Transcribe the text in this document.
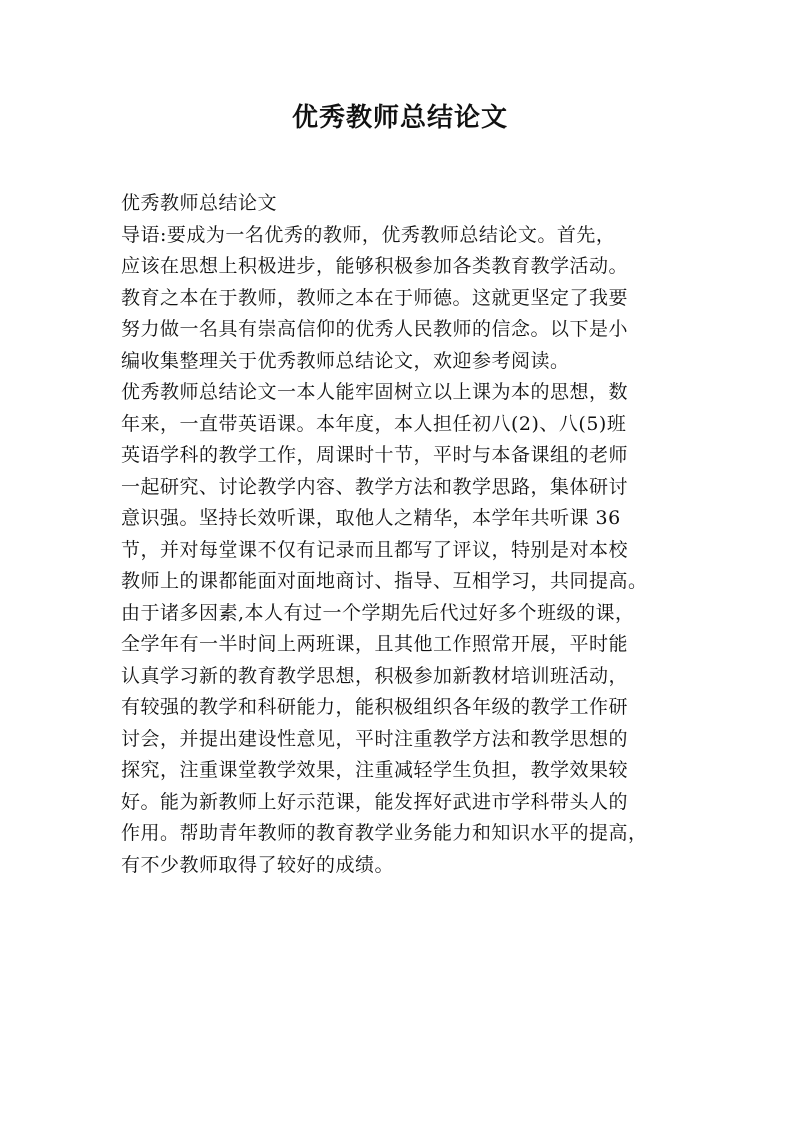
优秀教师总结论文
优秀教师总结论文
导语:要成为一名优秀的教师，优秀教师总结论文。首先，
应该在思想上积极进步，能够积极参加各类教育教学活动。
教育之本在于教师，教师之本在于师德。这就更坚定了我要
努力做一名具有崇高信仰的优秀人民教师的信念。以下是小
编收集整理关于优秀教师总结论文，欢迎参考阅读。
优秀教师总结论文一本人能牢固树立以上课为本的思想，数
年来，一直带英语课。本年度，本人担任初八(2)、八(5)班
英语学科的教学工作，周课时十节，平时与本备课组的老师
一起研究、讨论教学内容、教学方法和教学思路，集体研讨
意识强。坚持长效听课，取他人之精华，本学年共听课 36
节，并对每堂课不仅有记录而且都写了评议，特别是对本校
教师上的课都能面对面地商讨、指导、互相学习，共同提高。
由于诸多因素,本人有过一个学期先后代过好多个班级的课，
全学年有一半时间上两班课，且其他工作照常开展，平时能
认真学习新的教育教学思想，积极参加新教材培训班活动，
有较强的教学和科研能力，能积极组织各年级的教学工作研
讨会，并提出建设性意见，平时注重教学方法和教学思想的
探究，注重课堂教学效果，注重减轻学生负担，教学效果较
好。能为新教师上好示范课，能发挥好武进市学科带头人的
作用。帮助青年教师的教育教学业务能力和知识水平的提高，
有不少教师取得了较好的成绩。
